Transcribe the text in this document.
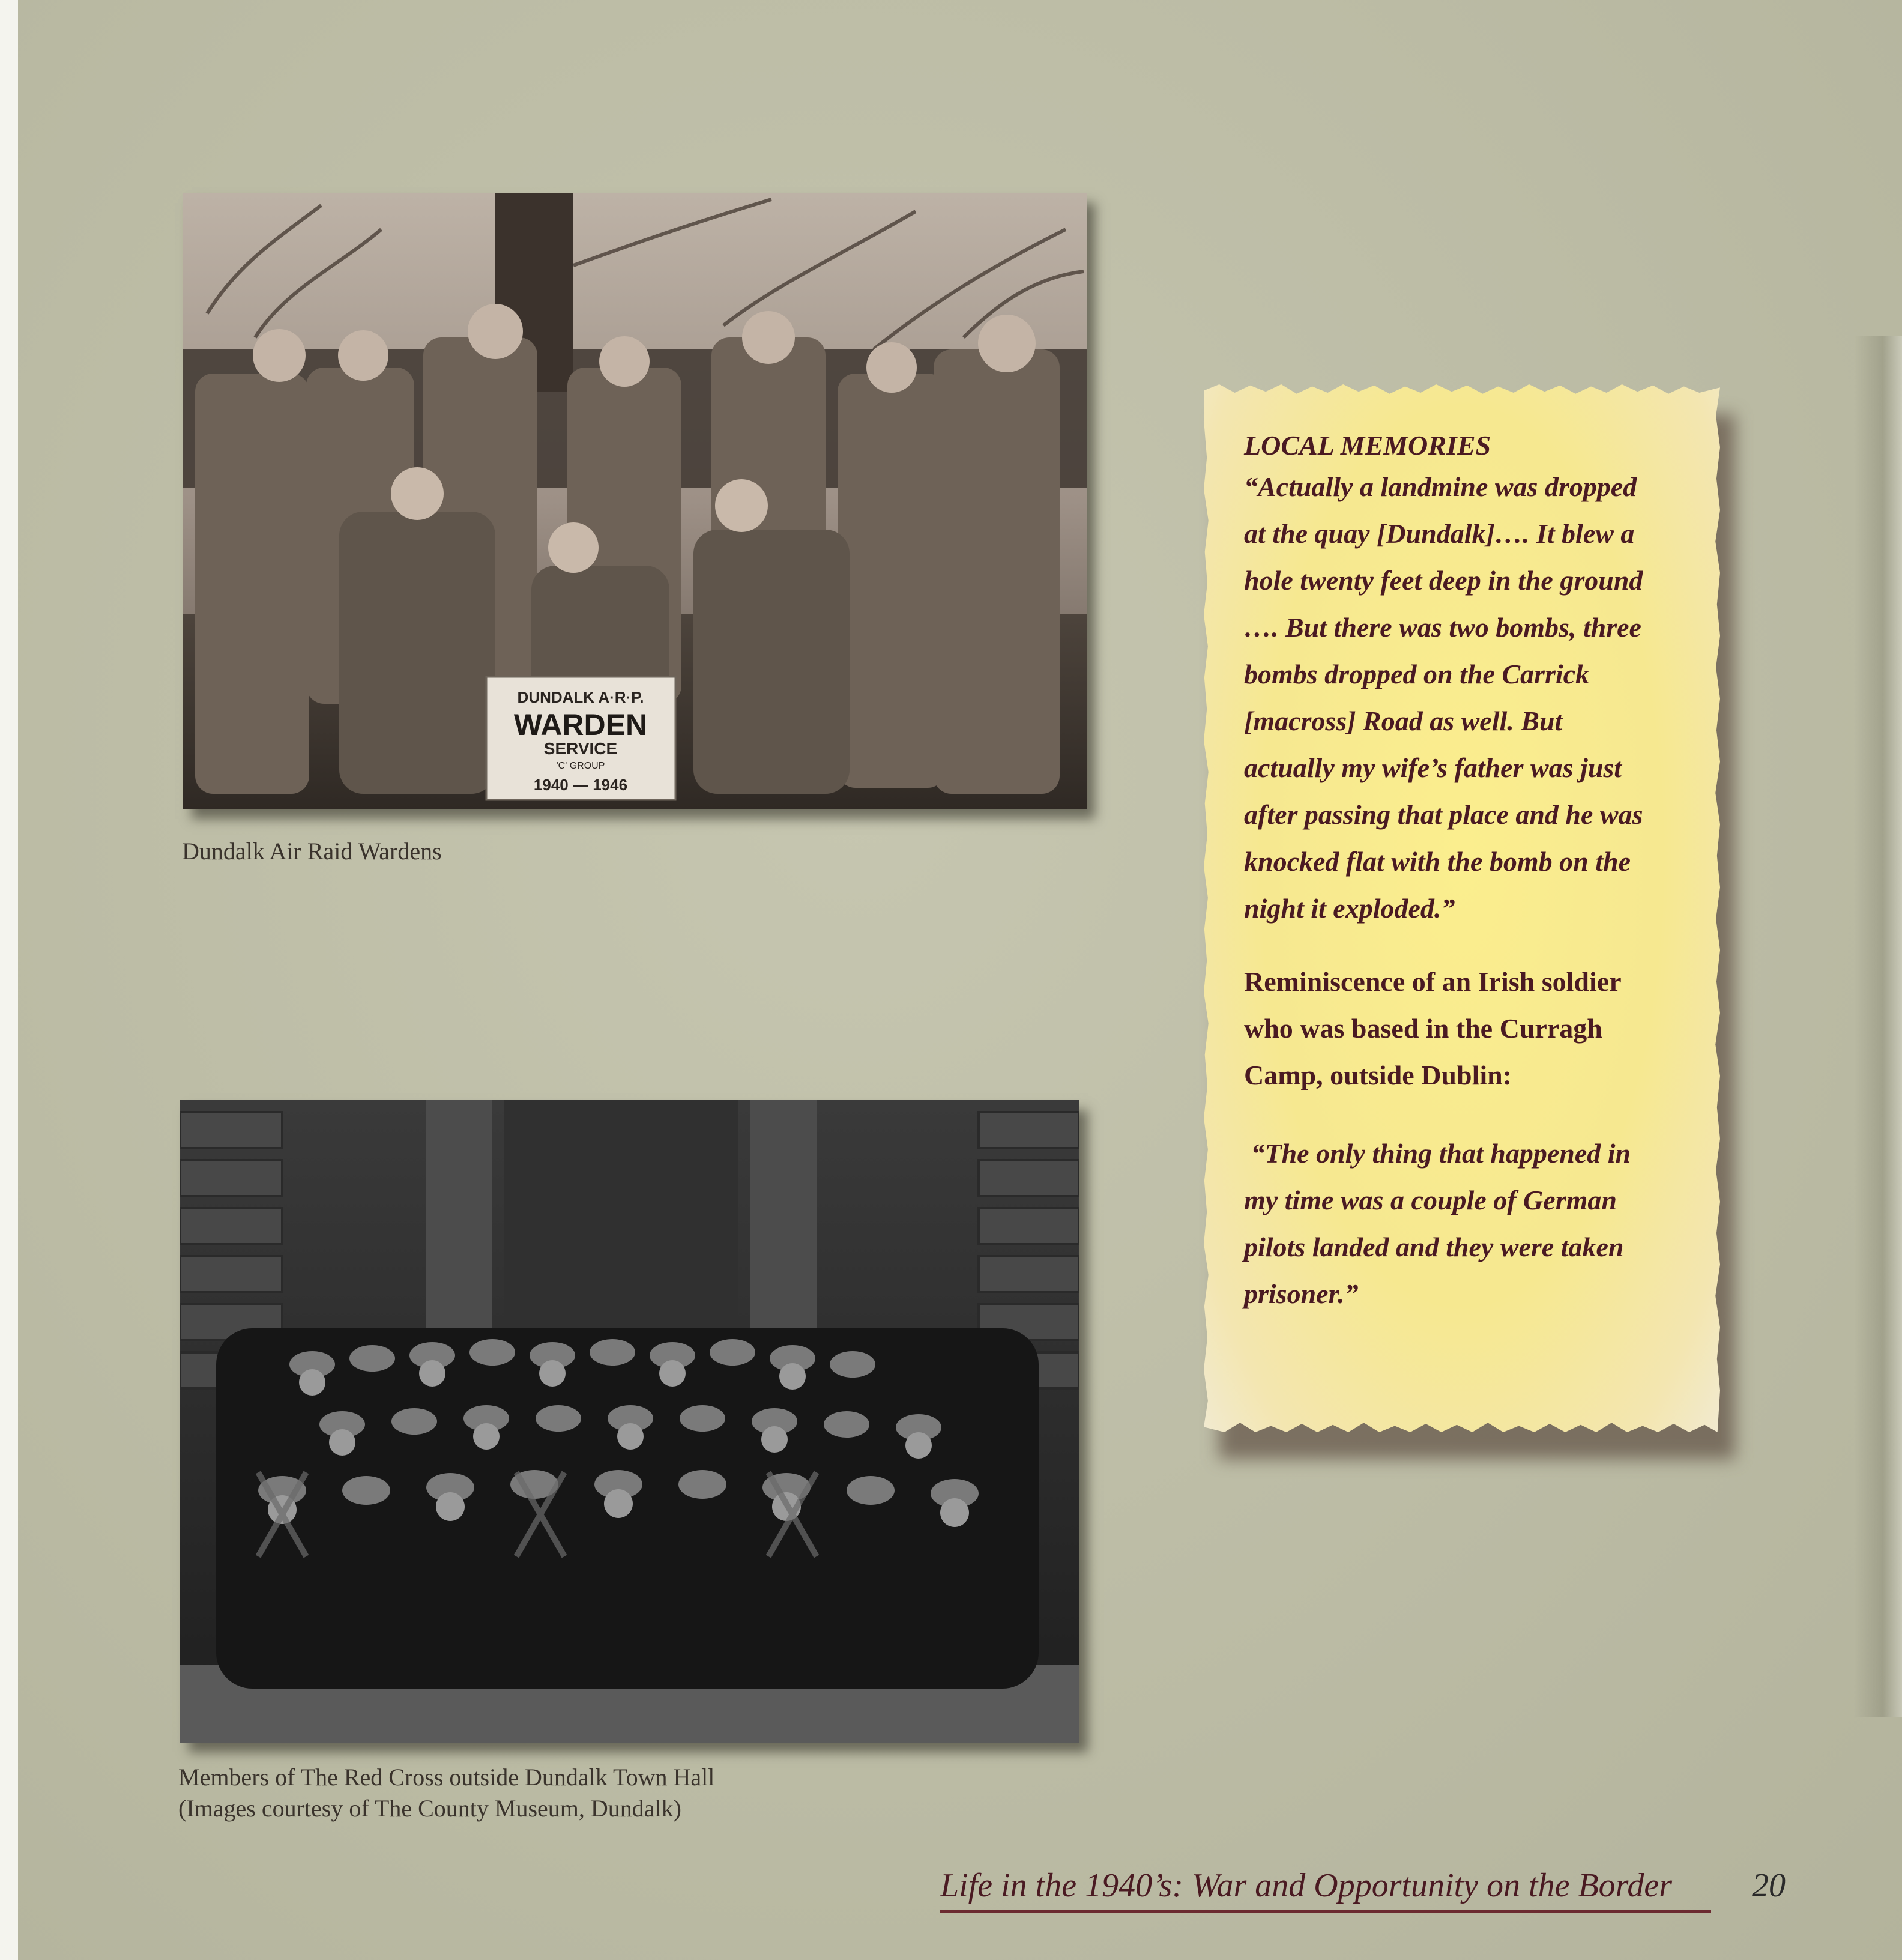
DUNDALK A·R·P.
WARDEN
SERVICE
'C' GROUP
1940 — 1946
Dundalk Air Raid Wardens
Members of The Red Cross outside Dundalk Town Hall
(Images courtesy of The County Museum, Dundalk)
LOCAL MEMORIES
“Actually a landmine was dropped
at the quay [Dundalk]…. It blew a
hole twenty feet deep in the ground
…. But there was two bombs, three
bombs dropped on the Carrick
[macross] Road as well. But
actually my wife’s father was just
after passing that place and he was
knocked flat with the bomb on the
night it exploded.”
Reminiscence of an Irish soldier
who was based in the Curragh
Camp, outside Dublin:
“The only thing that happened in
my time was a couple of German
pilots landed and they were taken
prisoner.”
Life in the 1940’s: War and Opportunity on the Border 20
